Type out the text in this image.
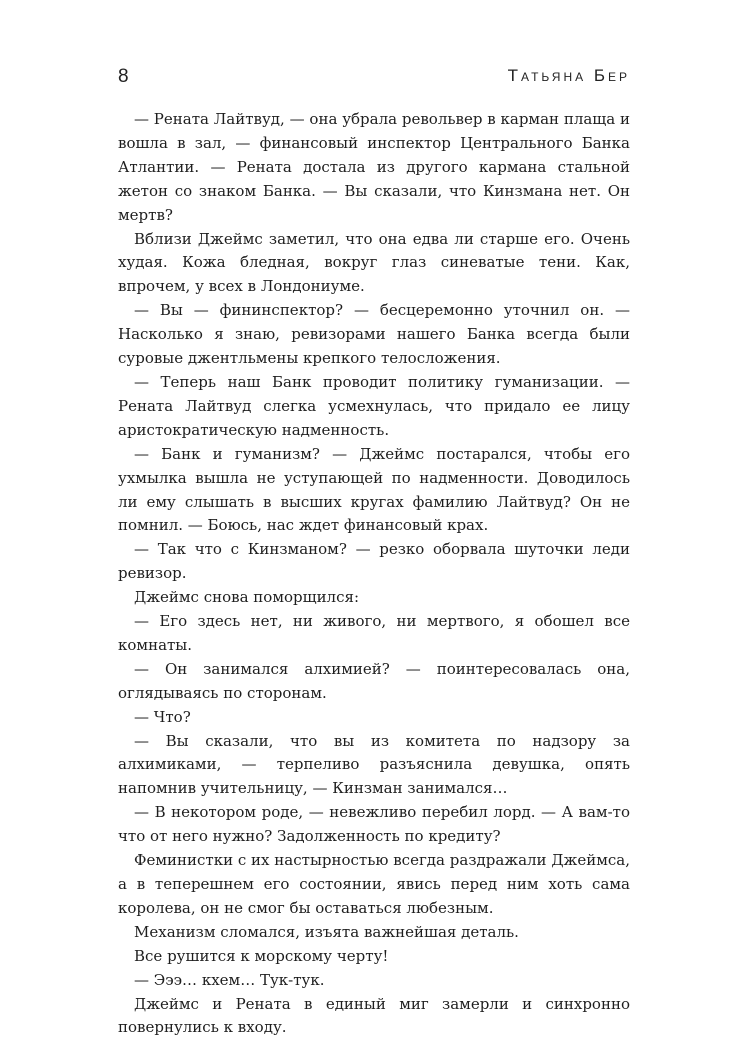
8	Татьяна Бер

— Рената Лайтвуд, — она убрала револьвер в карман плаща и вошла в зал, — финансовый инспектор Центрального Банка Атлантии. — Рената достала из другого кармана стальной жетон со знаком Банка. — Вы сказали, что Кинзмана нет. Он мертв?

Вблизи Джеймс заметил, что она едва ли старше его. Очень худая. Кожа бледная, вокруг глаз синеватые тени. Как, впрочем, у всех в Лондониуме.

— Вы — фининспектор? — бесцеремонно уточнил он. — Насколько я знаю, ревизорами нашего Банка всегда были суровые джентльмены крепкого телосложения.

— Теперь наш Банк проводит политику гуманизации. — Рената Лайтвуд слегка усмехнулась, что придало ее лицу аристократическую надменность.

— Банк и гуманизм? — Джеймс постарался, чтобы его ухмылка вышла не уступающей по надменности. Доводилось ли ему слышать в высших кругах фамилию Лайтвуд? Он не помнил. — Боюсь, нас ждет финансовый крах.

— Так что с Кинзманом? — резко оборвала шуточки леди ревизор.

Джеймс снова поморщился:

— Его здесь нет, ни живого, ни мертвого, я обошел все комнаты.

— Он занимался алхимией? — поинтересовалась она, оглядываясь по сторонам.

— Что?

— Вы сказали, что вы из комитета по надзору за алхимиками, — терпеливо разъяснила девушка, опять напомнив учительницу, — Кинзман занимался…

— В некотором роде, — невежливо перебил лорд. — А вам-то что от него нужно? Задолженность по кредиту?

Феминистки с их настырностью всегда раздражали Джеймса, а в теперешнем его состоянии, явись перед ним хоть сама королева, он не смог бы оставаться любезным.

Механизм сломался, изъята важнейшая деталь.

Все рушится к морскому черту!

— Эээ… кхем… Тук-тук.

Джеймс и Рената в единый миг замерли и синхронно повернулись к входу.
